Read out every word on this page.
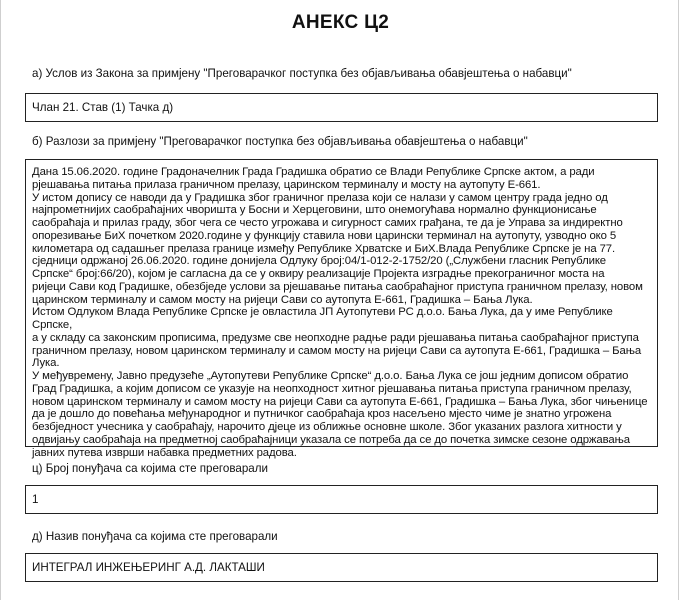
АНЕКС Ц2
а) Услов из Закона за примјену "Преговарачког поступка без објављивања обавјештења о набавци"
Члан 21. Став (1) Тачка д)
б) Разлози за примјену "Преговарачког поступка без објављивања обавјештења о набавци"

Дана 15.06.2020. године Градоначелник Града Градишка обратио се Влади Републике Српске актом, а ради
рјешавања питања прилаза граничном прелазу, царинском терминалу и мосту на аутопуту Е-661.
У истом допису се наводи да у Градишка због граничног прелаза који се налази у самом центру града једно од
најпрометнијих саобраћајних чворишта у Босни и Херцеговини, што онемогућава нормално функционисање
саобраћаја и прилаз граду, због чега се често угрожава и сигурност самих грађана, те да је Управа за индиректно
опорезивање БиХ почетком 2020.године у функцију ставила нови царински терминал на аутопуту, узводно око 5
километара од садашњег прелаза границе између Републике Хрватске и БиХ.Влада Републике Српске је на 77.
сједници одржаној 26.06.2020. године донијела Одлуку број:04/1-012-2-1752/20 („Службени гласник Републике
Српске“ број:66/20), којом је сагласна да се у оквиру реализације Пројекта изградње прекограничног моста на
ријеци Сави код Градишке, обезбједе услови за рјешавање питања саобраћајног приступа граничном прелазу, новом
царинском терминалу и самом мосту на ријеци Сави со аутопута Е-661, Градишка – Бања Лука.

Истом Одлуком Влада Републике Српске је овластила ЈП Аутопутеви РС д.о.о. Бања Лука, да у име Републике Српске,
а у складу са законским прописима, предузме све неопходне радње ради рјешавања питања саобраћајног приступа
граничном прелазу, новом царинском терминалу и самом мосту на ријеци Сави са аутопута Е-661, Градишка – Бања
Лука.

У међувремену, Јавно предузеће „Аутопутеви Републике Српске“ д.о.о. Бања Лука се још једним дописом обратио
Град Градишка, а којим дописом се указује на неопходност хитног рјешавања питања приступа граничном прелазу,
новом царинском терминалу и самом мосту на ријеци Сави са аутопута Е-661, Градишка – Бања Лука, због чињенице
да је дошло до повећања међународног и путничког саобраћаја кроз насељено мјесто чиме је знатно угрожена
безбједност учесника у саобраћају, нарочито дјеце из оближње основне школе. Због указаних разлога хитности у
одвијању саобраћаја на предметној саобраћајници указала се потреба да се до почетка зимске сезоне одржавања
јавних путева изврши набавка предметних радова.

ц) Број понуђача са којима сте преговарали
1
д) Назив понуђача са којима сте преговарали
ИНТЕГРАЛ ИНЖЕЊЕРИНГ А.Д. ЛАКТАШИ
